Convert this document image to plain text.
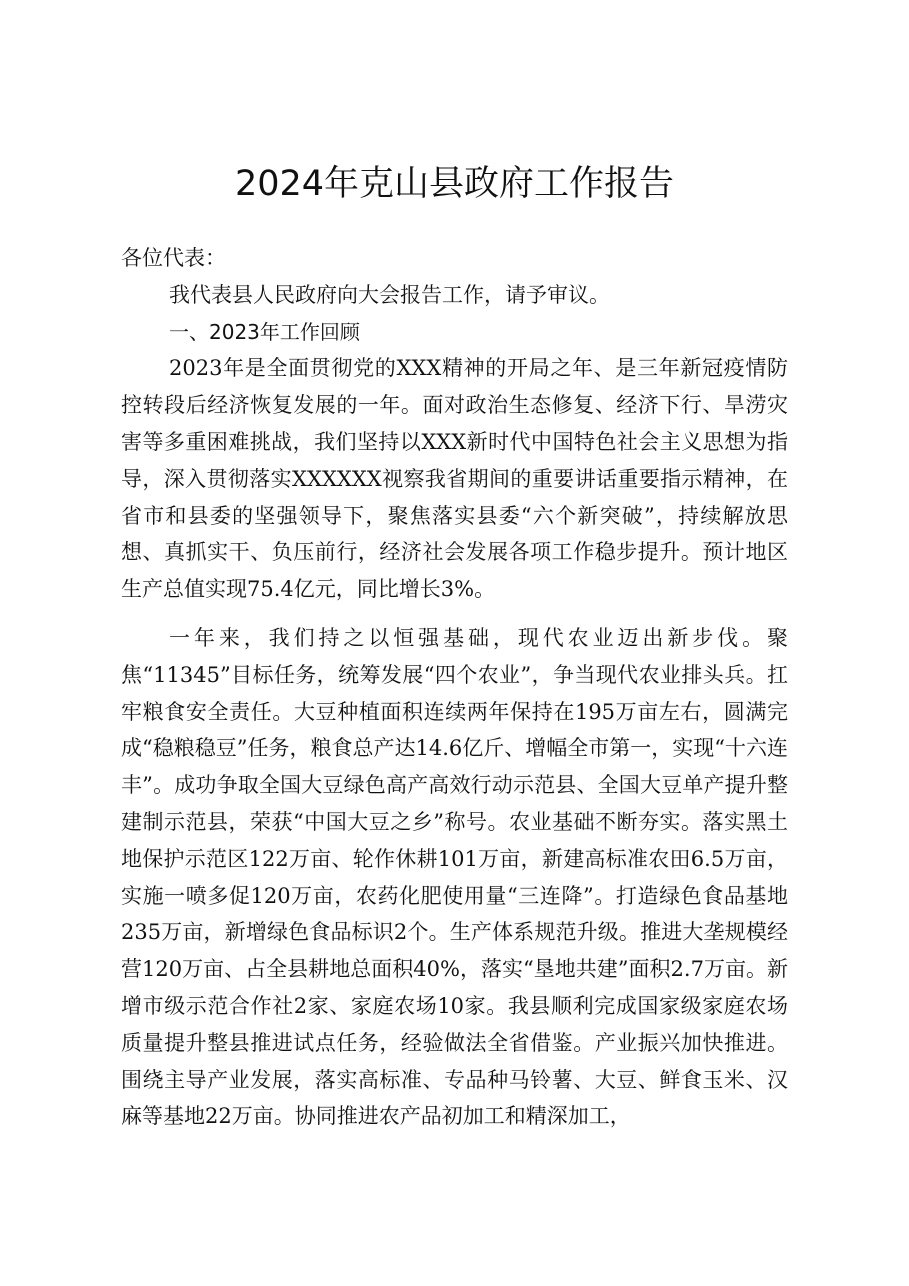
2024年克山县政府工作报告

各位代表：

我代表县人民政府向大会报告工作，请予审议。

一、2023年工作回顾

2023年是全面贯彻党的XXX精神的开局之年、是三年新冠疫情防控转段后经济恢复发展的一年。面对政治生态修复、经济下行、旱涝灾害等多重困难挑战，我们坚持以XXX新时代中国特色社会主义思想为指导，深入贯彻落实XXXXXX视察我省期间的重要讲话重要指示精神，在省市和县委的坚强领导下，聚焦落实县委“六个新突破”，持续解放思想、真抓实干、负压前行，经济社会发展各项工作稳步提升。预计地区生产总值实现75.4亿元，同比增长3%。

一年来，我们持之以恒强基础，现代农业迈出新步伐。聚焦“11345”目标任务，统筹发展“四个农业”，争当现代农业排头兵。扛牢粮食安全责任。大豆种植面积连续两年保持在195万亩左右，圆满完成“稳粮稳豆”任务，粮食总产达14.6亿斤、增幅全市第一，实现“十六连丰”。成功争取全国大豆绿色高产高效行动示范县、全国大豆单产提升整建制示范县，荣获“中国大豆之乡”称号。农业基础不断夯实。落实黑土地保护示范区122万亩、轮作休耕101万亩，新建高标准农田6.5万亩，实施一喷多促120万亩，农药化肥使用量“三连降”。打造绿色食品基地235万亩，新增绿色食品标识2个。生产体系规范升级。推进大垄规模经营120万亩、占全县耕地总面积40%，落实“垦地共建”面积2.7万亩。新增市级示范合作社2家、家庭农场10家。我县顺利完成国家级家庭农场质量提升整县推进试点任务，经验做法全省借鉴。产业振兴加快推进。围绕主导产业发展，落实高标准、专品种马铃薯、大豆、鲜食玉米、汉麻等基地22万亩。协同推进农产品初加工和精深加工，
